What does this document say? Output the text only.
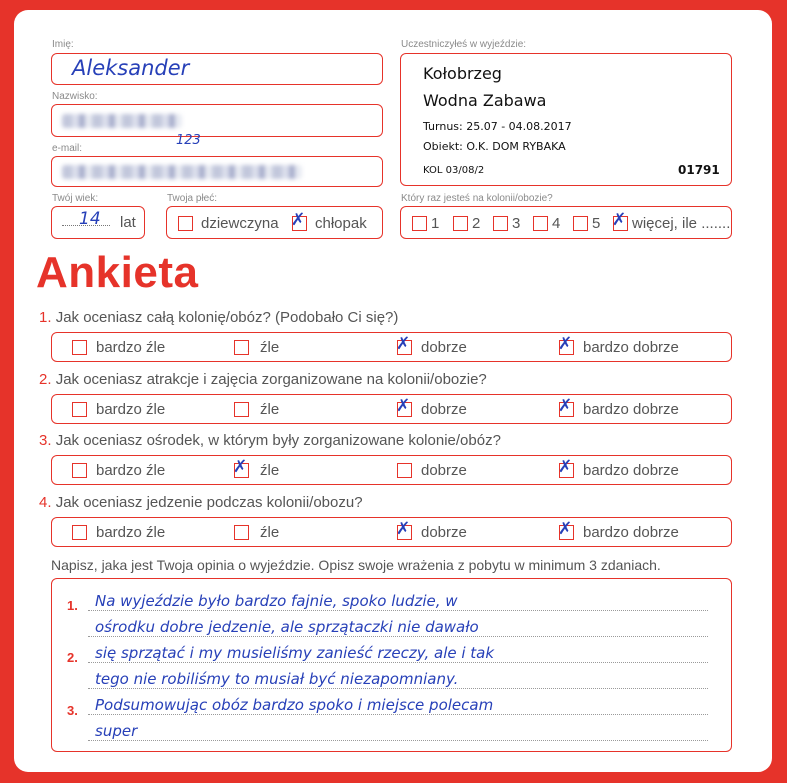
Imię:
Aleksander
Nazwisko:
e-mail:
123
Twój wiek:
14 lat
Twoja płeć:
dziewczyna ✗ chłopak
Uczestniczyłeś w wyjeździe:
Kołobrzeg
Wodna Zabawa
Turnus: 25.07 - 04.08.2017
Obiekt: O.K. DOM RYBAKA
KOL 03/08/2	01791
Który raz jesteś na kolonii/obozie?
1 2 3 4 5 ✗ więcej, ile .......
Ankieta
1. Jak oceniasz całą kolonię/obóz? (Podobało Ci się?)
bardzo źle	źle	✗ dobrze	✗ bardzo dobrze
2. Jak oceniasz atrakcje i zajęcia zorganizowane na kolonii/obozie?
bardzo źle	źle	✗ dobrze	✗ bardzo dobrze
3. Jak oceniasz ośrodek, w którym były zorganizowane kolonie/obóz?
bardzo źle	✗ źle	dobrze	✗ bardzo dobrze
4. Jak oceniasz jedzenie podczas kolonii/obozu?
bardzo źle	źle	✗ dobrze	✗ bardzo dobrze
Napisz, jaka jest Twoja opinia o wyjeździe. Opisz swoje wrażenia z pobytu w minimum 3 zdaniach.
1.
2.
3.
Na wyjeździe było bardzo fajnie, spoko ludzie, w
ośrodku dobre jedzenie, ale sprzątaczki nie dawało
się sprzątać i my musieliśmy zanieść rzeczy, ale i tak
tego nie robiliśmy to musiał być niezapomniany.
Podsumowując obóz bardzo spoko i miejsce polecam
super
